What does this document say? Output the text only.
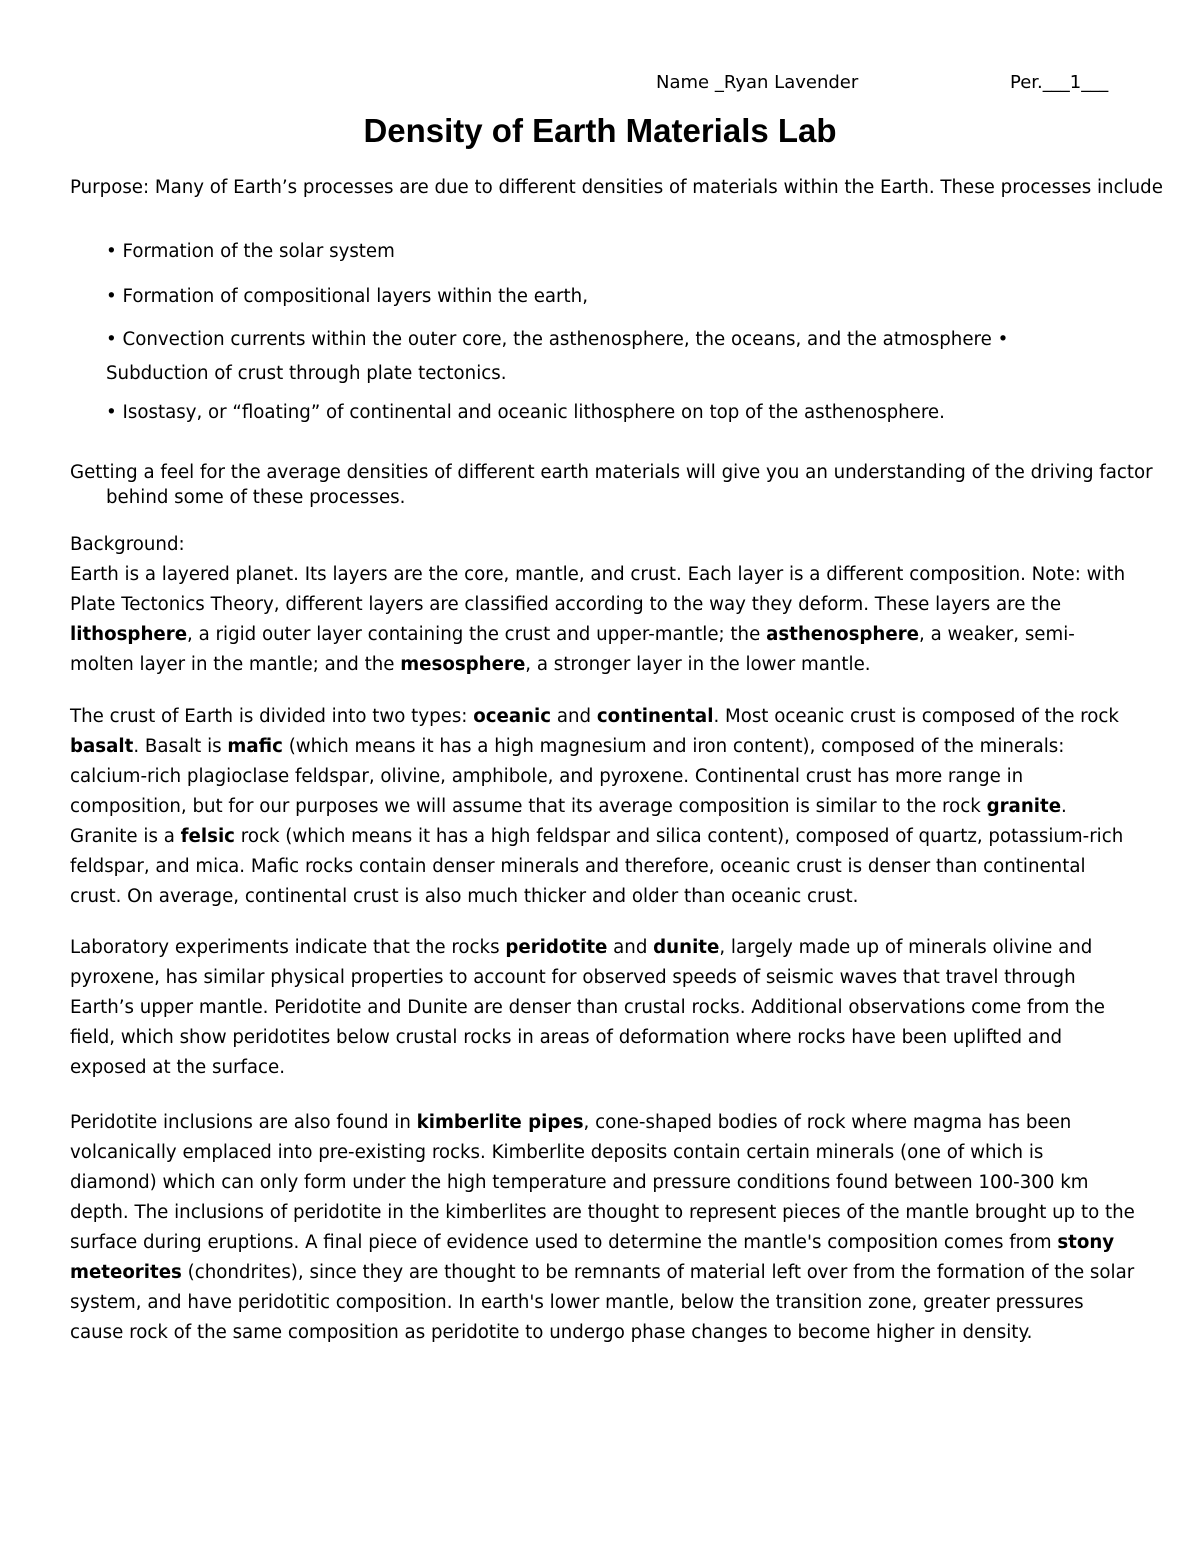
Name _Ryan Lavender	Per.___1___
Density of Earth Materials Lab
Purpose: Many of Earth’s processes are due to different densities of materials within the Earth. These processes include
• Formation of the solar system
• Formation of compositional layers within the earth,
• Convection currents within the outer core, the asthenosphere, the oceans, and the atmosphere • Subduction of crust through plate tectonics.
• Isostasy, or “floating” of continental and oceanic lithosphere on top of the asthenosphere.
Getting a feel for the average densities of different earth materials will give you an understanding of the driving factor behind some of these processes.
Background:
Earth is a layered planet. Its layers are the core, mantle, and crust. Each layer is a different composition. Note: with Plate Tectonics Theory, different layers are classified according to the way they deform. These layers are the lithosphere, a rigid outer layer containing the crust and upper-mantle; the asthenosphere, a weaker, semi-molten layer in the mantle; and the mesosphere, a stronger layer in the lower mantle.
The crust of Earth is divided into two types: oceanic and continental. Most oceanic crust is composed of the rock basalt. Basalt is mafic (which means it has a high magnesium and iron content), composed of the minerals: calcium-rich plagioclase feldspar, olivine, amphibole, and pyroxene. Continental crust has more range in composition, but for our purposes we will assume that its average composition is similar to the rock granite. Granite is a felsic rock (which means it has a high feldspar and silica content), composed of quartz, potassium-rich feldspar, and mica. Mafic rocks contain denser minerals and therefore, oceanic crust is denser than continental crust. On average, continental crust is also much thicker and older than oceanic crust.
Laboratory experiments indicate that the rocks peridotite and dunite, largely made up of minerals olivine and pyroxene, has similar physical properties to account for observed speeds of seismic waves that travel through Earth’s upper mantle. Peridotite and Dunite are denser than crustal rocks. Additional observations come from the field, which show peridotites below crustal rocks in areas of deformation where rocks have been uplifted and exposed at the surface.
Peridotite inclusions are also found in kimberlite pipes, cone-shaped bodies of rock where magma has been volcanically emplaced into pre-existing rocks. Kimberlite deposits contain certain minerals (one of which is diamond) which can only form under the high temperature and pressure conditions found between 100-300 km depth. The inclusions of peridotite in the kimberlites are thought to represent pieces of the mantle brought up to the surface during eruptions. A final piece of evidence used to determine the mantle's composition comes from stony meteorites (chondrites), since they are thought to be remnants of material left over from the formation of the solar system, and have peridotitic composition. In earth's lower mantle, below the transition zone, greater pressures cause rock of the same composition as peridotite to undergo phase changes to become higher in density.
